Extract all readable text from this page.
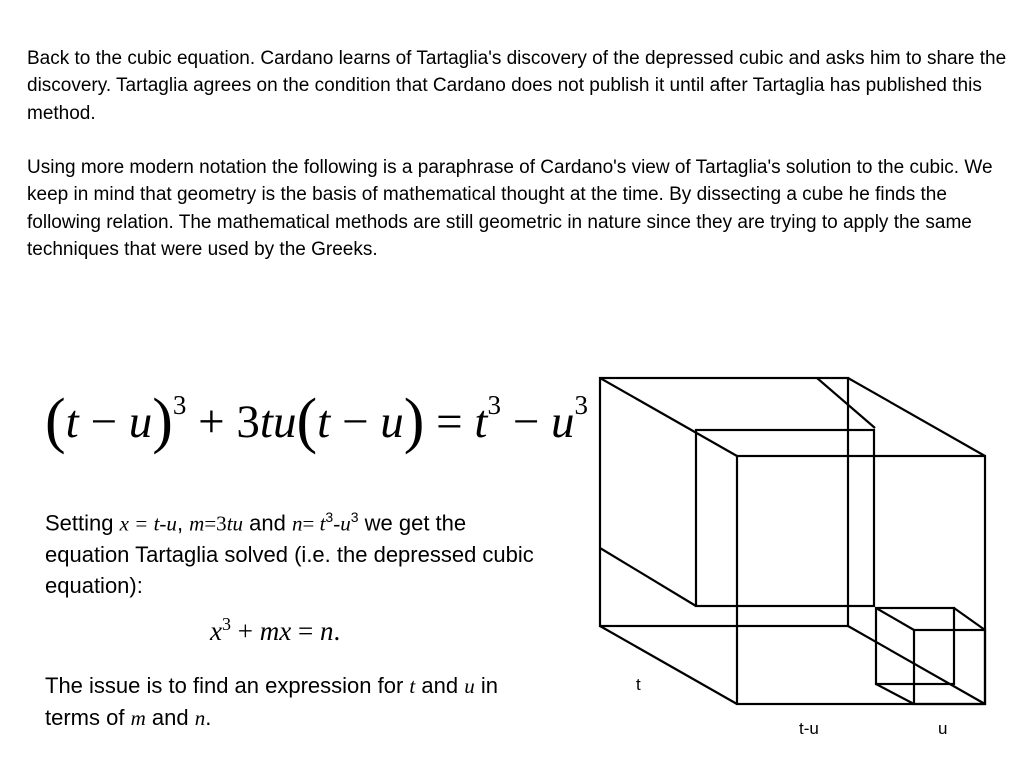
Back to the cubic equation. Cardano learns of Tartaglia's discovery of the depressed cubic and asks him to share the discovery. Tartaglia agrees on the condition that Cardano does not publish it until after Tartaglia has published this method.

Using more modern notation the following is a paraphrase of Cardano's view of Tartaglia's solution to the cubic. We keep in mind that geometry is the basis of mathematical thought at the time. By dissecting a cube he finds the following relation. The mathematical methods are still geometric in nature since they are trying to apply the same techniques that were used by the Greeks.

$(t - u)^3 + 3tu(t - u) = t^3 - u^3$

Setting x = t-u, m=3tu and $n= t^3-u^3$ we get the equation Tartaglia solved (i.e. the depressed cubic equation):

$x^3$ + mx = n.

The issue is to find an expression for t and u in terms of m and n.

t
t-u	u
